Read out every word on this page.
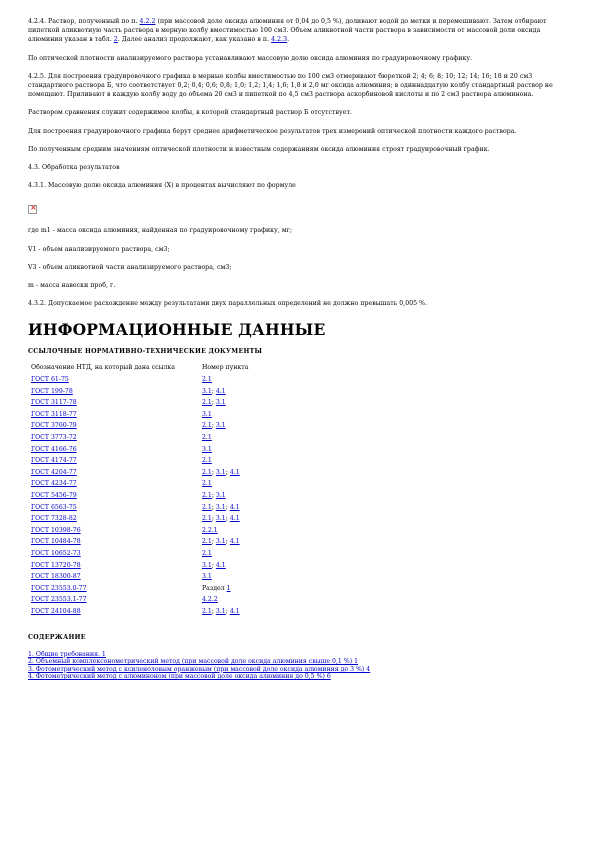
4.2.4. Раствор, полученный по п. 4.2.2 (при массовой доле оксида алюминия от 0,04 до 0,5 %), доливают водой до метки и перемешивают. Затем отбирают пипеткой аликвотную часть раствора в мерную колбу вместимостью 100 см3. Объем аликвотной части раствора в зависимости от массовой доли оксида алюминия указан в табл. 2. Далее анализ продолжают, как указано в п. 4.2.3.

По оптической плотности анализируемого раствора устанавливают массовую долю оксида алюминия по градуировочному графику.

4.2.5. Для построения градуировочного графика в мерные колбы вместимостью по 100 см3 отмеривают бюреткой 2; 4; 6; 8; 10; 12; 14; 16; 18 и 20 см3 стандартного раствора Б, что соответствует 0,2; 0,4; 0,6; 0,8; 1,0; 1,2; 1,4; 1,6; 1,8 и 2,0 мг оксида алюминия; в одиннадцатую колбу стандартный раствор не помещают. Приливают в каждую колбу воду до объема 20 см3 и пипеткой по 4,5 см3 раствора аскорбиновой кислоты и по 2 см3 раствора алюминона.

Раствором сравнения служит содержимое колбы, в которой стандартный раствор Б отсутствует.

Для построения градуировочного графика берут среднее арифметическое результатов трех измерений оптической плотности каждого раствора.

По полученным средним значениям оптической плотности и известным содержаниям оксида алюминия строят градуировочный график.

4.3. Обработка результатов

4.3.1. Массовую долю оксида алюминия (X) в процентах вычисляют по формуле

×

где m1 - масса оксида алюминия, найденная по градуировочному графику, мг;

V1 - объем анализируемого раствора, см3;

V3 - объем аликвотной части анализируемого раствора, см3;

m - масса навески проб, г.

4.3.2. Допускаемое расхождение между результатами двух параллельных определений не должно превышать 0,005 %.

ИНФОРМАЦИОННЫЕ ДАННЫЕ

ССЫЛОЧНЫЕ НОРМАТИВНО-ТЕХНИЧЕСКИЕ ДОКУМЕНТЫ

Обозначение НТД, на который дана ссылка	Номер пункта
ГОСТ 61-75	2.1
ГОСТ 199-78	3.1; 4.1
ГОСТ 3117-78	2.1; 3.1
ГОСТ 3118-77	3.1
ГОСТ 3760-79	2.1; 3.1
ГОСТ 3773-72	2.1
ГОСТ 4166-76	3.1
ГОСТ 4174-77	2.1
ГОСТ 4204-77	2.1; 3.1; 4.1
ГОСТ 4234-77	2.1
ГОСТ 5456-79	2.1; 3.1
ГОСТ 6563-75	2.1; 3.1; 4.1
ГОСТ 7328-82	2.1; 3.1; 4.1
ГОСТ 10398-76	2.2.1
ГОСТ 10484-78	2.1; 3.1; 4.1
ГОСТ 10652-73	2.1
ГОСТ 13720-78	3.1; 4.1
ГОСТ 18300-87	3.1
ГОСТ 23553.0-77	Раздел 1
ГОСТ 23553.1-77	4.2.2
ГОСТ 24104-88	2.1; 3.1; 4.1

СОДЕРЖАНИЕ

1. Общие требования. 1
2. Объемный комплексонометрический метод (при массовой доле оксида алюминия свыше 0,1 %) 1
3. Фотометрический метод с ксиленоловым оранжевым (при массовой доле оксида алюминия до 3 %) 4
4. Фотометрический метод с алюминоном (при массовой доле оксида алюминия до 0,5 %) 6
